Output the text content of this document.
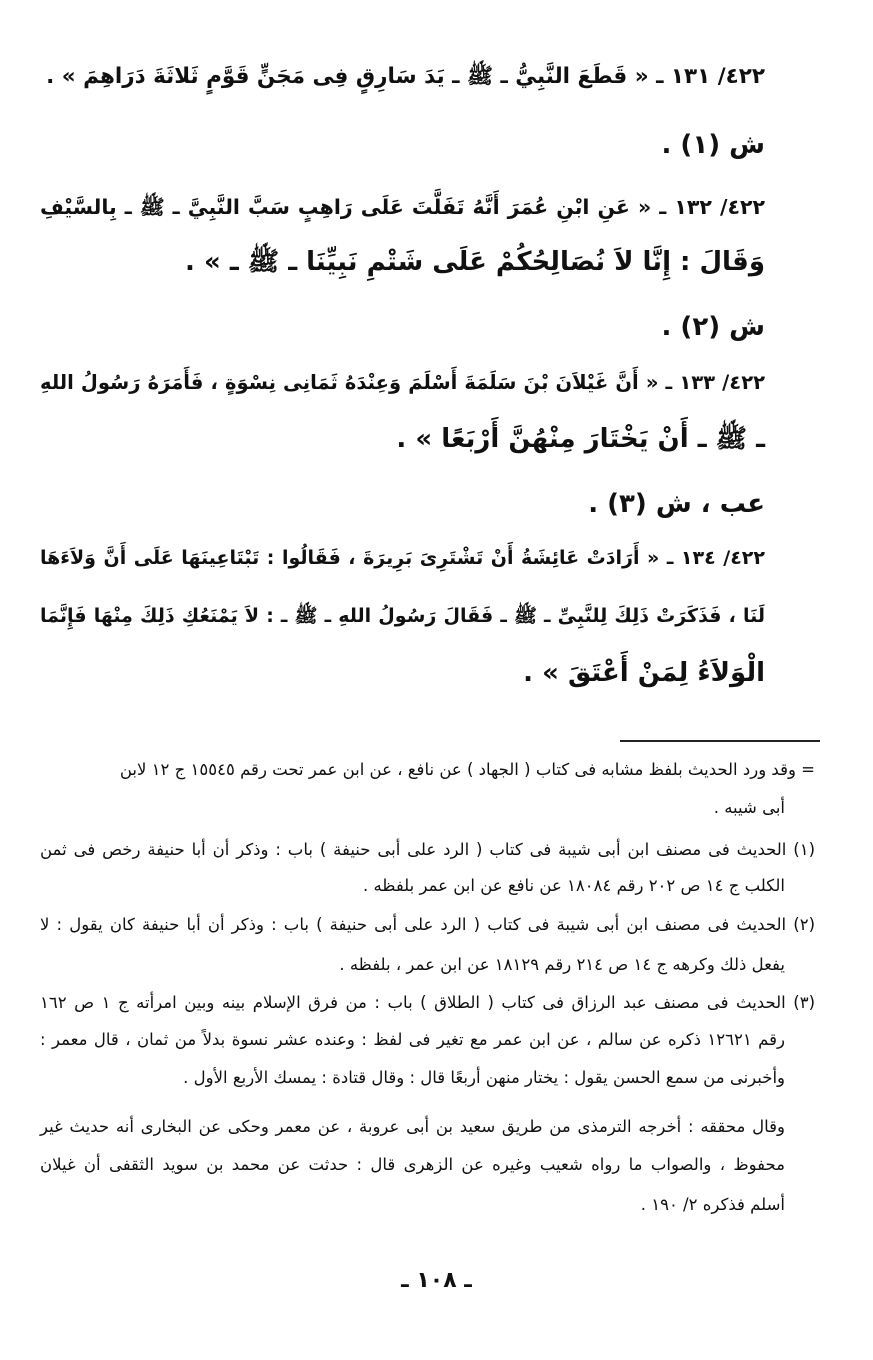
٤٢٢/ ١٣١ ـ « قَطَعَ النَّبِيُّ ـ ﷺ ـ يَدَ سَارِقٍ فِى مَجَنٍّ قَوَّمٍ ثَلاثَةَ دَرَاهِمَ » .
ش (١) .
٤٢٢/ ١٣٢ ـ « عَنِ ابْنِ عُمَرَ أَنَّهُ تَفَلَّتَ عَلَى رَاهِبٍ سَبَّ النَّبِيَّ ـ ﷺ ـ بِالسَّيْفِ
وَقَالَ : إِنَّا لاَ نُصَالِحُكُمْ عَلَى شَتْمِ نَبِيِّنَا ـ ﷺ ـ » .
ش (٢) .
٤٢٢/ ١٣٣ ـ « أَنَّ غَيْلاَنَ بْنَ سَلَمَةَ أَسْلَمَ وَعِنْدَهُ ثَمَانِى نِسْوَةٍ ، فَأَمَرَهُ رَسُولُ اللهِ
ـ ﷺ ـ أَنْ يَخْتَارَ مِنْهُنَّ أَرْبَعًا » .
عب ، ش (٣) .
٤٢٢/ ١٣٤ ـ « أَرَادَتْ عَائِشَةُ أَنْ تَشْتَرِىَ بَرِيرَةَ ، فَقَالُوا : تَبْتَاعِينَهَا عَلَى أَنَّ وَلاَءَهَا
لَنَا ، فَذَكَرَتْ ذَلِكَ لِلنَّبِىِّ ـ ﷺ ـ فَقَالَ رَسُولُ اللهِ ـ ﷺ ـ : لاَ يَمْنَعُكِ ذَلِكَ مِنْهَا فَإِنَّمَا
الْوَلاَءُ لِمَنْ أَعْتَقَ » .
= وقد ورد الحديث بلفظ مشابه فى كتاب ( الجهاد ) عن نافع ، عن ابن عمر تحت رقم ١٥٥٤٥ ج ١٢ لابن
أبى شيبه .
(١) الحديث فى مصنف ابن أبى شيبة فى كتاب ( الرد على أبى حنيفة ) باب : وذكر أن أبا حنيفة رخص فى ثمن
الكلب ج ١٤ ص ٢٠٢ رقم ١٨٠٨٤ عن نافع عن ابن عمر بلفظه .
(٢) الحديث فى مصنف ابن أبى شيبة فى كتاب ( الرد على أبى حنيفة ) باب : وذكر أن أبا حنيفة كان يقول : لا
يفعل ذلك وكرهه ج ١٤ ص ٢١٤ رقم ١٨١٢٩ عن ابن عمر ، بلفظه .
(٣) الحديث فى مصنف عبد الرزاق فى كتاب ( الطلاق ) باب : من فرق الإسلام بينه وبين امرأته ج ١ ص ١٦٢
رقم ١٢٦٢١ ذكره عن سالم ، عن ابن عمر مع تغير فى لفظ : وعنده عشر نسوة بدلاً من ثمان ، قال معمر :
وأخبرنى من سمع الحسن يقول : يختار منهن أربعًا قال : وقال قتادة : يمسك الأربع الأول .
وقال محققه : أخرجه الترمذى من طريق سعيد بن أبى عروبة ، عن معمر وحكى عن البخارى أنه حديث غير
محفوظ ، والصواب ما رواه شعيب وغيره عن الزهرى قال : حدثت عن محمد بن سويد الثقفى أن غيلان
أسلم فذكره ٢/ ١٩٠ .
ـ ١٠٨ ـ
